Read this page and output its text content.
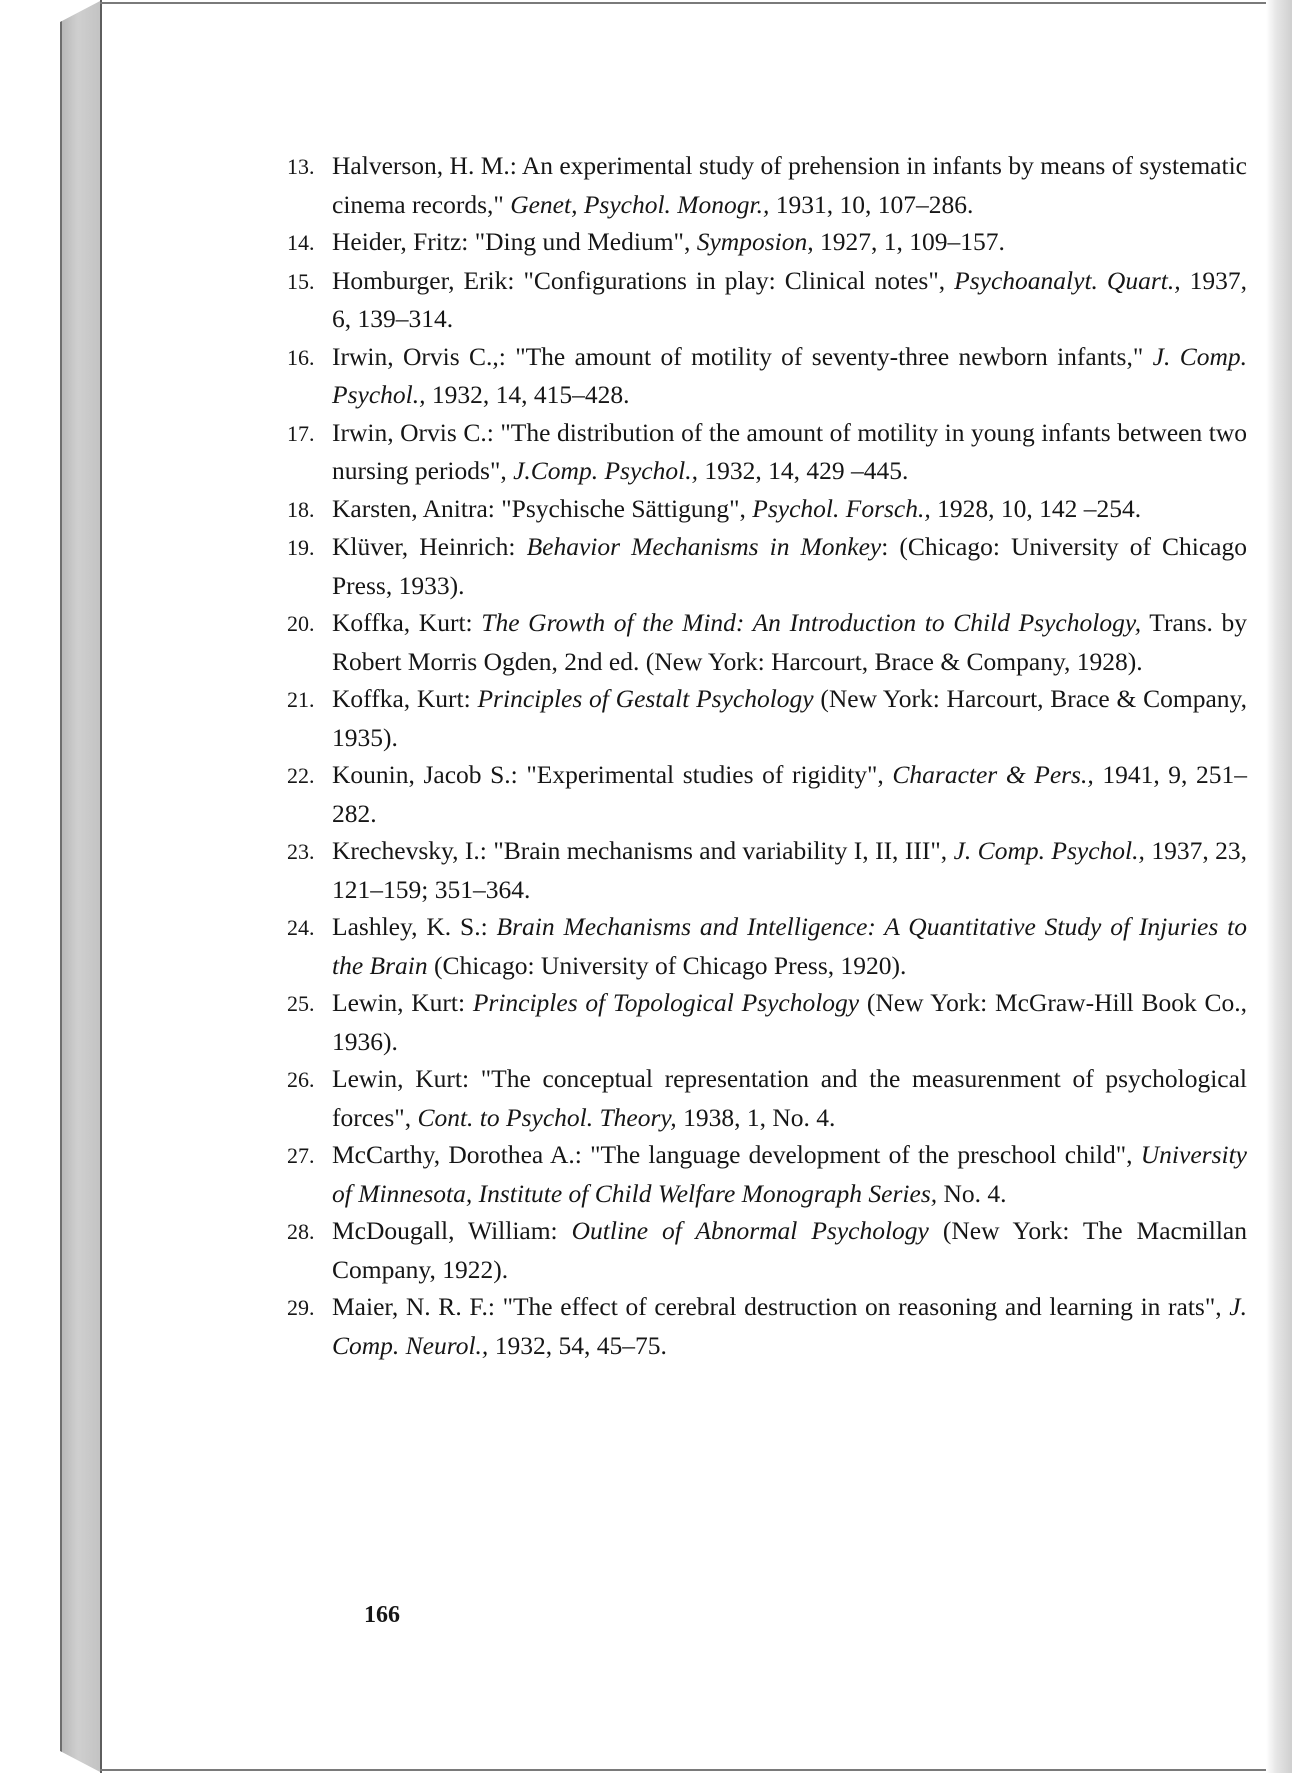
13. Halverson, H. M.: An experimental study of prehension in infants by means of systematic cinema records," Genet, Psychol. Monogr., 1931, 10, 107–286.

14. Heider, Fritz: "Ding und Medium", Symposion, 1927, 1, 109–157.

15. Homburger, Erik: "Configurations in play: Clinical notes", Psychoanalyt. Quart., 1937, 6, 139–314.

16. Irwin, Orvis C.,: "The amount of motility of seventy-three newborn infants," J. Comp. Psychol., 1932, 14, 415–428.

17. Irwin, Orvis C.: "The distribution of the amount of motility in young infants between two nursing periods", J.Comp. Psychol., 1932, 14, 429 –445.

18. Karsten, Anitra: "Psychische Sättigung", Psychol. Forsch., 1928, 10, 142 –254.

19. Klüver, Heinrich: Behavior Mechanisms in Monkey: (Chicago: University of Chicago Press, 1933).

20. Koffka, Kurt: The Growth of the Mind: An Introduction to Child Psychology, Trans. by Robert Morris Ogden, 2nd ed. (New York: Harcourt, Brace & Company, 1928).

21. Koffka, Kurt: Principles of Gestalt Psychology (New York: Harcourt, Brace & Company, 1935).

22. Kounin, Jacob S.: "Experimental studies of rigidity", Character & Pers., 1941, 9, 251–282.

23. Krechevsky, I.: "Brain mechanisms and variability I, II, III", J. Comp. Psychol., 1937, 23, 121–159; 351–364.

24. Lashley, K. S.: Brain Mechanisms and Intelligence: A Quantitative Study of Injuries to the Brain (Chicago: University of Chicago Press, 1920).

25. Lewin, Kurt: Principles of Topological Psychology (New York: McGraw-Hill Book Co., 1936).

26. Lewin, Kurt: "The conceptual representation and the measurenment of psychological forces", Cont. to Psychol. Theory, 1938, 1, No. 4.

27. McCarthy, Dorothea A.: "The language development of the preschool child", University of Minnesota, Institute of Child Welfare Monograph Series, No. 4.

28. McDougall, William: Outline of Abnormal Psychology (New York: The Macmillan Company, 1922).

29. Maier, N. R. F.: "The effect of cerebral destruction on reasoning and learning in rats", J. Comp. Neurol., 1932, 54, 45–75.

166
